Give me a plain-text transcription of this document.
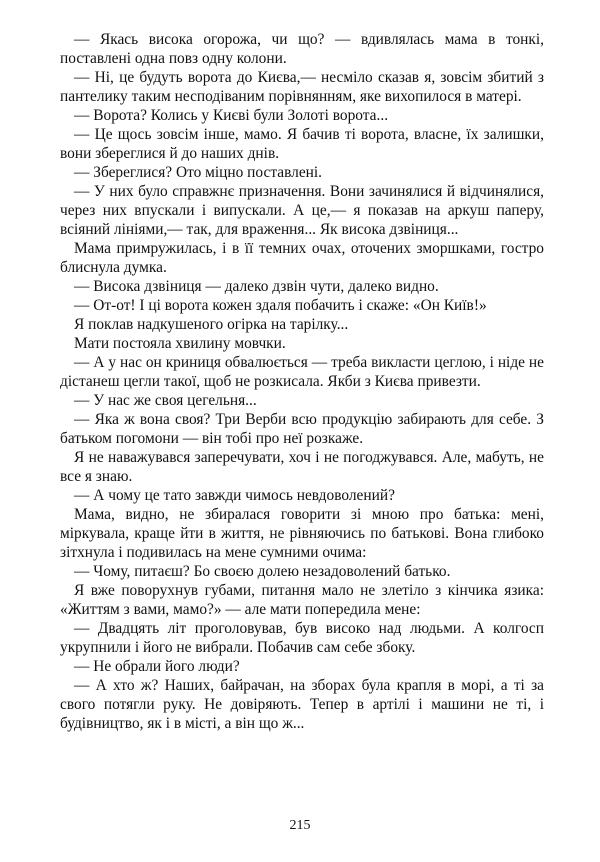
— Якась висока огорожа, чи що? — вдивлялась мама в тонкі, поставлені одна повз одну колони.

— Ні, це будуть ворота до Києва,— несміло сказав я, зовсім збитий з пантелику таким несподіваним порівнянням, яке вихопилося в матері.

— Ворота? Колись у Києві були Золоті ворота...

— Це щось зовсім інше, мамо. Я бачив ті ворота, власне, їх залишки, вони збереглися й до наших днів.

— Збереглися? Ото міцно поставлені.

— У них було справжнє призначення. Вони зачинялися й відчинялися, через них впускали і випускали. А це,— я показав на аркуш паперу, всіяний лініями,— так, для враження... Як висока дзвіниця...

Мама примружилась, і в її темних очах, оточених зморшками, гостро блиснула думка.

— Висока дзвіниця — далеко дзвін чути, далеко видно.

— От-от! І ці ворота кожен здаля побачить і скаже: «Он Київ!»

Я поклав надкушеного огірка на тарілку...

Мати постояла хвилину мовчки.

— А у нас он криниця обвалюється — треба викласти цеглою, і ніде не дістанеш цегли такої, щоб не розкисала. Якби з Києва привезти.

— У нас же своя цегельня...

— Яка ж вона своя? Три Верби всю продукцію забирають для себе. З батьком погомони — він тобі про неї розкаже.

Я не наважувався заперечувати, хоч і не погоджувався. Але, мабуть, не все я знаю.

— А чому це тато завжди чимось невдоволений?

Мама, видно, не збиралася говорити зі мною про батька: мені, міркувала, краще йти в життя, не рівняючись по батькові. Вона глибоко зітхнула і подивилась на мене сумними очима:

— Чому, питаєш? Бо своєю долею незадоволений батько.

Я вже поворухнув губами, питання мало не злетіло з кінчика язика: «Життям з вами, мамо?» — але мати попередила мене:

— Двадцять літ проголовував, був високо над людьми. А колгосп укрупнили і його не вибрали. Побачив сам себе збоку.

— Не обрали його люди?

— А хто ж? Наших, байрачан, на зборах була крапля в морі, а ті за свого потягли руку. Не довіряють. Тепер в артілі і машини не ті, і будівництво, як і в місті, а він що ж...

215
